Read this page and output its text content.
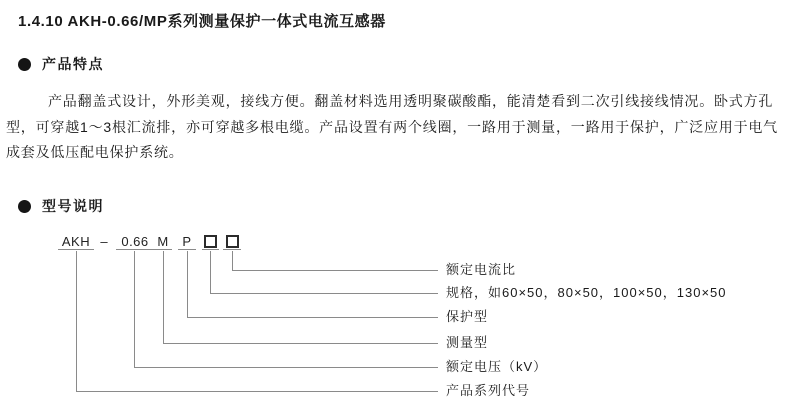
1.4.10 AKH-0.66/MP系列测量保护一体式电流互感器
产品特点
产品翻盖式设计，外形美观，接线方便。翻盖材料选用透明聚碳酸酯，能清楚看到二次引线接线情况。卧式方孔
型，可穿越1～3根汇流排，亦可穿越多根电缆。产品设置有两个线圈，一路用于测量，一路用于保护，广泛应用于电气
成套及低压配电保护系统。
型号说明
AKH –	0.66 M	P
额定电流比
规格，如60×50，80×50，100×50，130×50
保护型
测量型
额定电压（kV）
产品系列代号
